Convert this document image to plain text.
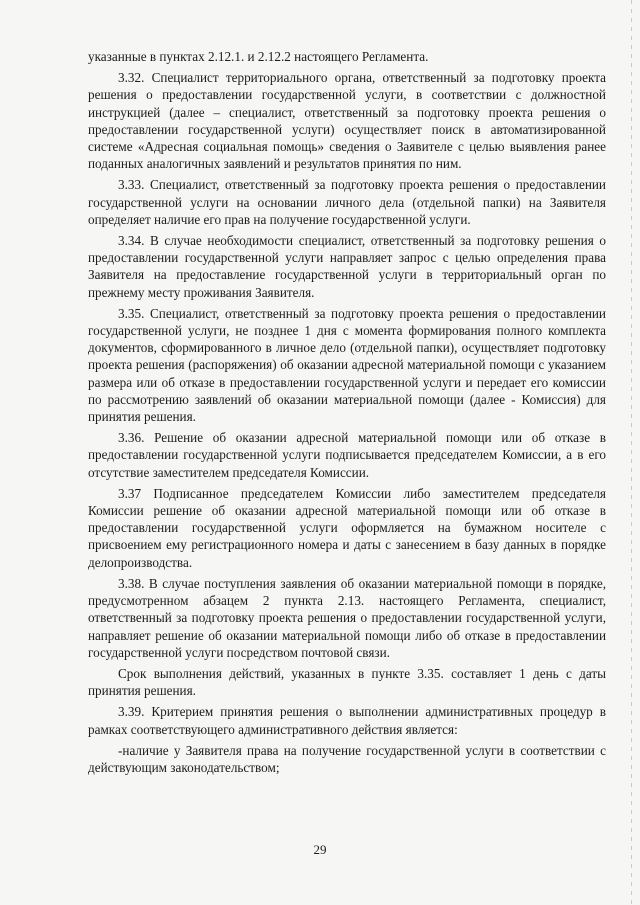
указанные в пунктах 2.12.1. и 2.12.2 настоящего Регламента.

3.32. Специалист территориального органа, ответственный за подготовку проекта решения о предоставлении государственной услуги, в соответствии с должностной инструкцией (далее – специалист, ответственный за подготовку проекта решения о предоставлении государственной услуги) осуществляет поиск в автоматизированной системе «Адресная социальная помощь» сведения о Заявителе с целью выявления ранее поданных аналогичных заявлений и результатов принятия по ним.

3.33. Специалист, ответственный за подготовку проекта решения о предоставлении государственной услуги на основании личного дела (отдельной папки) на Заявителя определяет наличие его прав на получение государственной услуги.

3.34. В случае необходимости специалист, ответственный за подготовку решения о предоставлении государственной услуги направляет запрос с целью определения права Заявителя на предоставление государственной услуги в территориальный орган по прежнему месту проживания Заявителя.

3.35. Специалист, ответственный за подготовку проекта решения о предоставлении государственной услуги, не позднее 1 дня с момента формирования полного комплекта документов, сформированного в личное дело (отдельной папки), осуществляет подготовку проекта решения (распоряжения) об оказании адресной материальной помощи с указанием размера или об отказе в предоставлении государственной услуги и передает его комиссии по рассмотрению заявлений об оказании материальной помощи (далее - Комиссия) для принятия решения.

3.36. Решение об оказании адресной материальной помощи или об отказе в предоставлении государственной услуги подписывается председателем Комиссии, а в его отсутствие заместителем председателя Комиссии.

3.37 Подписанное председателем Комиссии либо заместителем председателя Комиссии решение об оказании адресной материальной помощи или об отказе в предоставлении государственной услуги оформляется на бумажном носителе с присвоением ему регистрационного номера и даты с занесением в базу данных в порядке делопроизводства.

3.38. В случае поступления заявления об оказании материальной помощи в порядке, предусмотренном абзацем 2 пункта 2.13. настоящего Регламента, специалист, ответственный за подготовку проекта решения о предоставлении государственной услуги, направляет решение об оказании материальной помощи либо об отказе в предоставлении государственной услуги посредством почтовой связи.

Срок выполнения действий, указанных в пункте 3.35. составляет 1 день с даты принятия решения.

3.39. Критерием принятия решения о выполнении административных процедур в рамках соответствующего административного действия является:

-наличие у Заявителя права на получение государственной услуги в соответствии с действующим законодательством;

29
